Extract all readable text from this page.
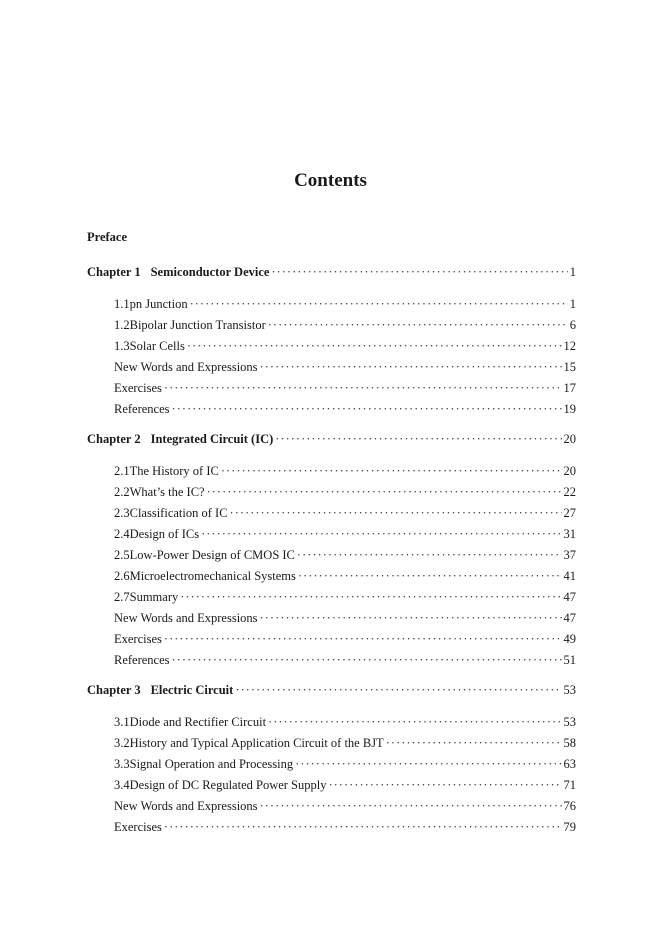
Contents
Preface
Chapter 1 Semiconductor Device ·····	1
1.1 pn Junction ·····	1
1.2 Bipolar Junction Transistor ·····	6
1.3 Solar Cells ·····	12
New Words and Expressions ·····	15
Exercises ·····	17
References ·····	19
Chapter 2 Integrated Circuit (IC) ·····	20
2.1 The History of IC ·····	20
2.2 What’s the IC? ·····	22
2.3 Classification of IC ·····	27
2.4 Design of ICs ·····	31
2.5 Low-Power Design of CMOS IC ·····	37
2.6 Microelectromechanical Systems ·····	41
2.7 Summary ·····	47
New Words and Expressions ·····	47
Exercises ·····	49
References ·····	51
Chapter 3 Electric Circuit ·····	53
3.1 Diode and Rectifier Circuit ·····	53
3.2 History and Typical Application Circuit of the BJT ·····	58
3.3 Signal Operation and Processing ·····	63
3.4 Design of DC Regulated Power Supply ·····	71
New Words and Expressions ·····	76
Exercises ·····	79
